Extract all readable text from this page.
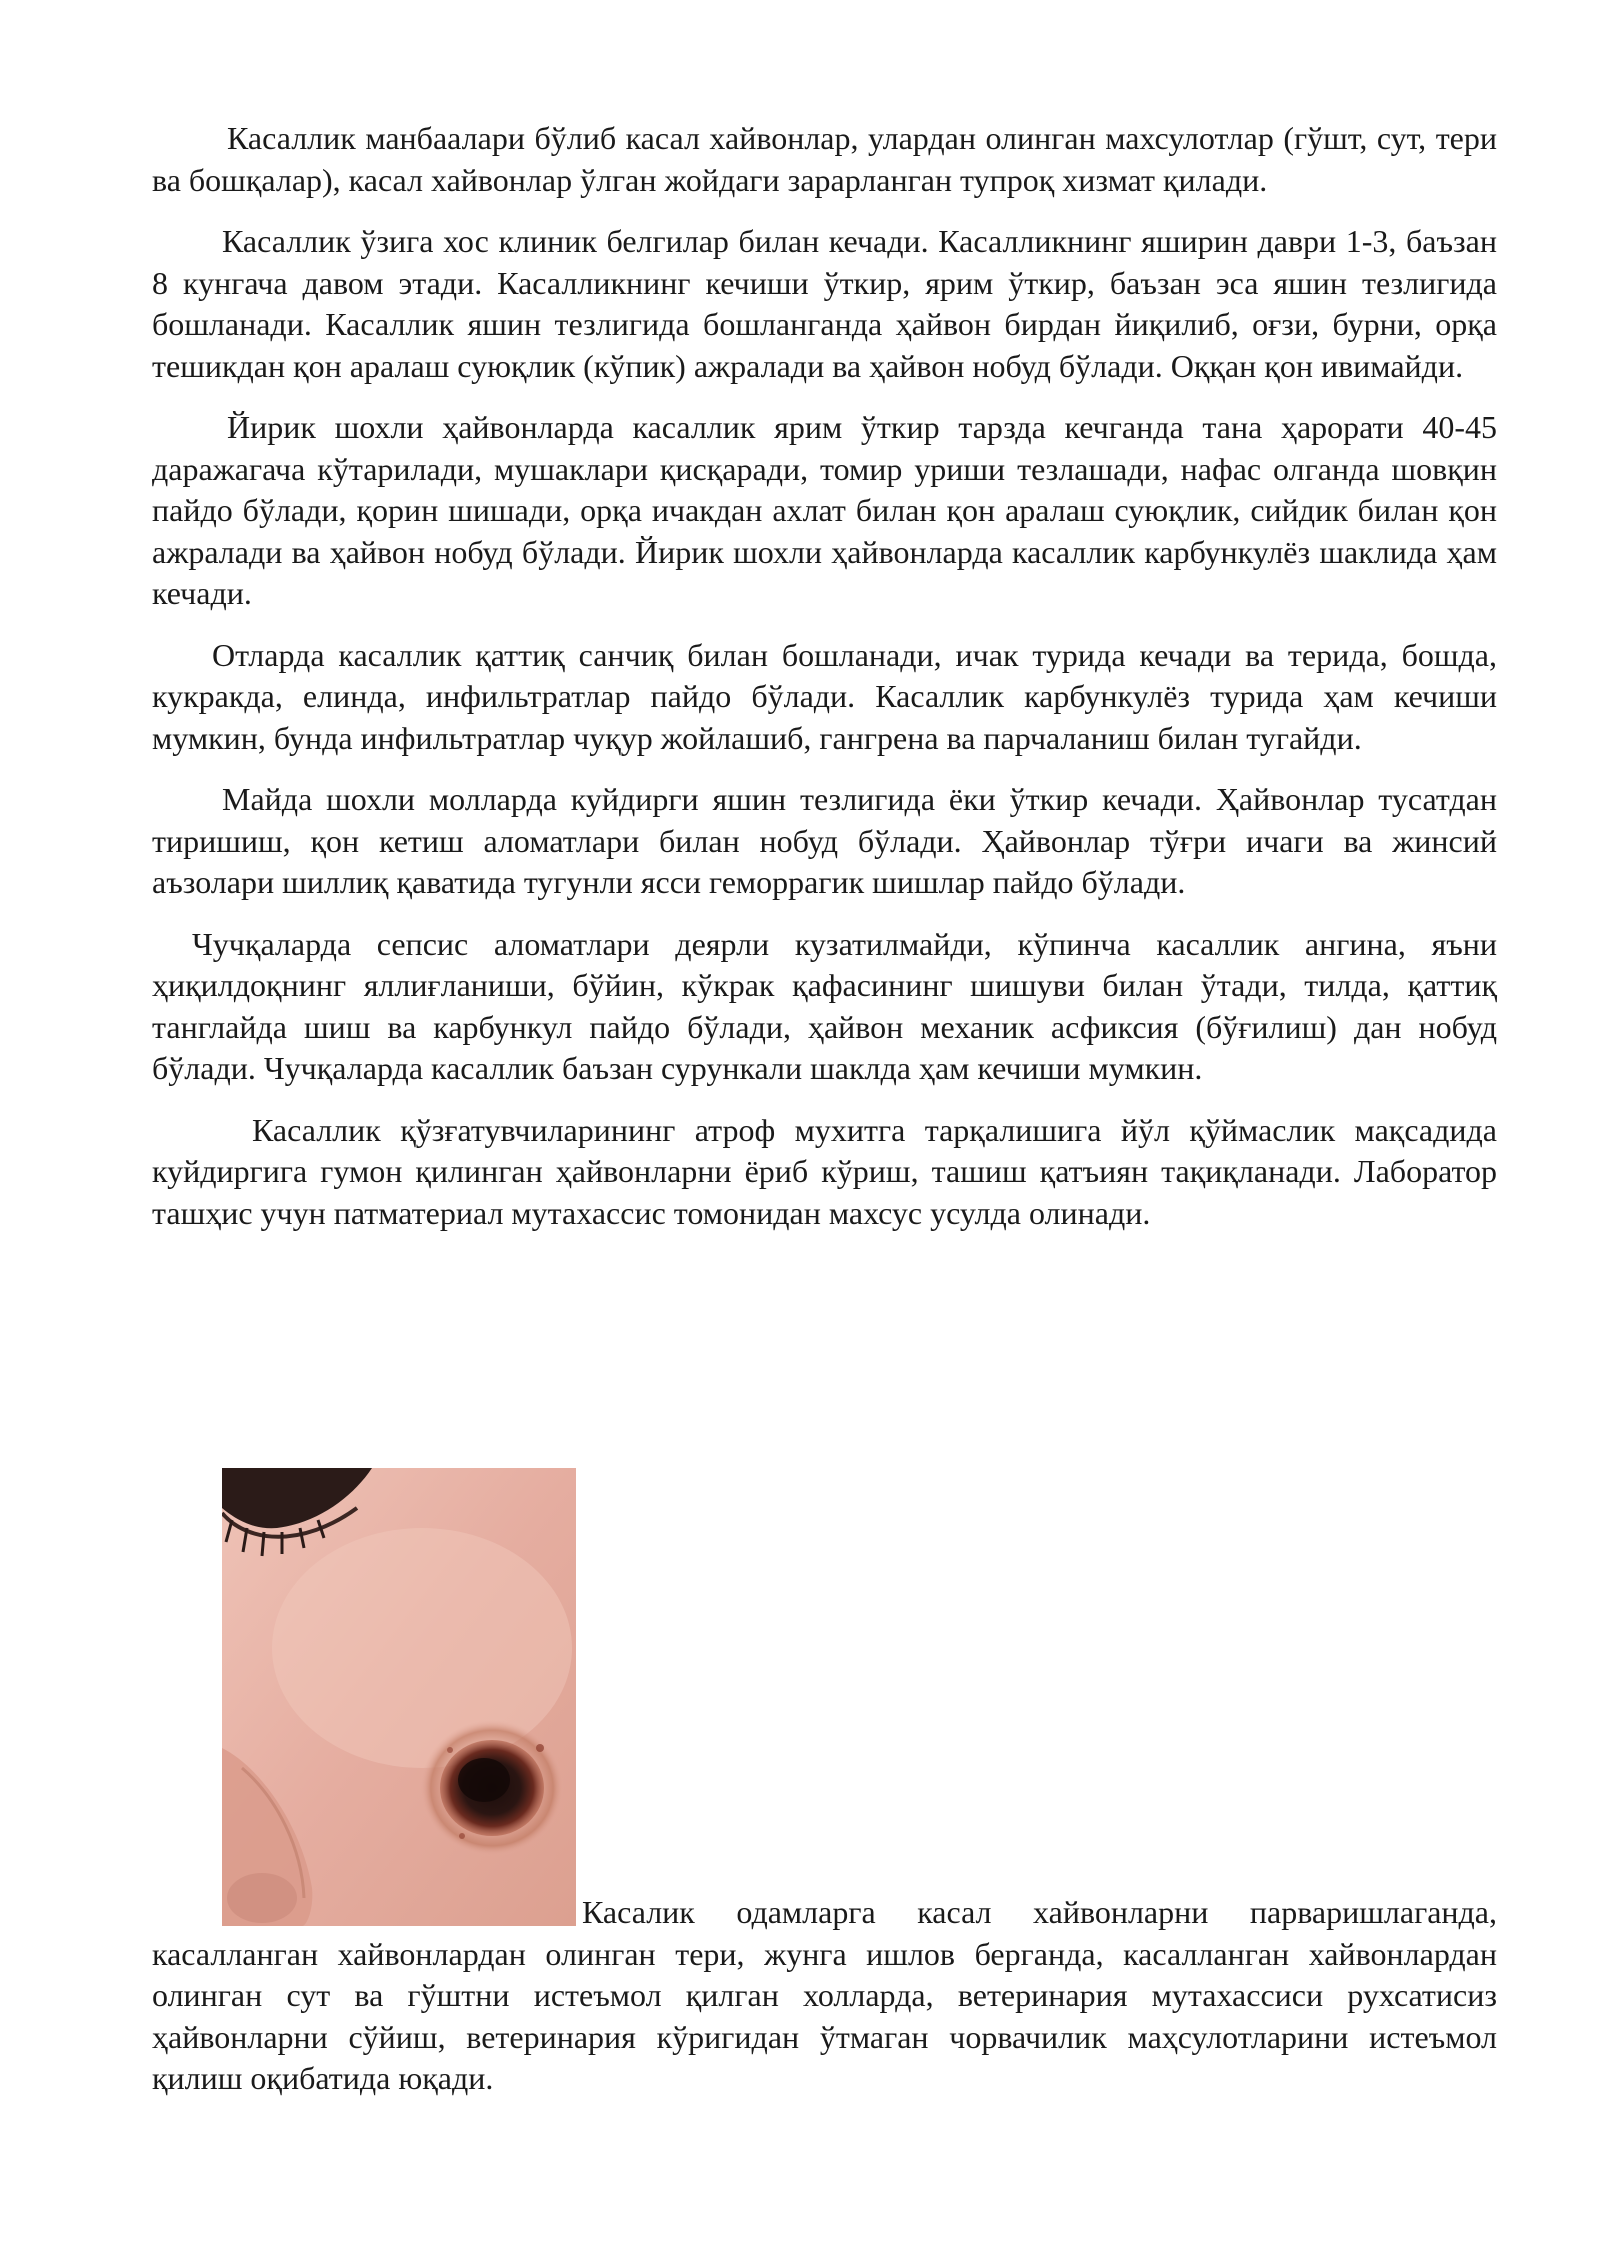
Касаллик манбаалари бўлиб касал хайвонлар, улардан олинган махсулотлар (гўшт, сут, тери ва бошқалар), касал хайвонлар ўлган жойдаги зарарланган тупроқ хизмат қилади.

Касаллик ўзига хос клиник белгилар билан кечади. Касалликнинг яширин даври 1-3, баъзан 8 кунгача давом этади. Касалликнинг кечиши ўткир, ярим ўткир, баъзан эса яшин тезлигида бошланади. Касаллик яшин тезлигида бошланганда ҳайвон бирдан йиқилиб, оғзи, бурни, орқа тешикдан қон аралаш суюқлик (кўпик) ажралади ва ҳайвон нобуд бўлади. Оққан қон ивимайди.

Йирик шохли ҳайвонларда касаллик ярим ўткир тарзда кечганда тана ҳарорати 40-45 даражагача кўтарилади, мушаклари қисқаради, томир уриши тезлашади, нафас олганда шовқин пайдо бўлади, қорин шишади, орқа ичакдан ахлат билан қон аралаш суюқлик, сийдик билан қон ажралади ва ҳайвон нобуд бўлади. Йирик шохли ҳайвонларда касаллик карбункулёз шаклида ҳам кечади.

Отларда касаллик қаттиқ санчиқ билан бошланади, ичак турида кечади ва терида, бошда, кукракда, елинда, инфильтратлар пайдо бўлади. Касаллик карбункулёз турида ҳам кечиши мумкин, бунда инфильтратлар чуқур жойлашиб, гангрена ва парчаланиш билан тугайди.

Майда шохли молларда куйдирги яшин тезлигида ёки ўткир кечади. Ҳайвонлар тусатдан тиришиш, қон кетиш аломатлари билан нобуд бўлади. Ҳайвонлар тўғри ичаги ва жинсий аъзолари шиллиқ қаватида тугунли ясси геморрагик шишлар пайдо бўлади.

Чучқаларда сепсис аломатлари деярли кузатилмайди, кўпинча касаллик ангина, яъни ҳиқилдоқнинг яллиғланиши, бўйин, кўкрак қафасининг шишуви билан ўтади, тилда, қаттиқ танглайда шиш ва карбункул пайдо бўлади, ҳайвон механик асфиксия (бўғилиш) дан нобуд бўлади. Чучқаларда касаллик баъзан сурункали шаклда ҳам кечиши мумкин.

Касаллик қўзғатувчиларининг атроф мухитга тарқалишига йўл қўймаслик мақсадида куйдиргига гумон қилинган ҳайвонларни ёриб кўриш, ташиш қатъиян тақиқланади. Лаборатор ташҳис учун патматериал мутахассис томонидан махсус усулда олинади.

Касалик одамларга касал хайвонларни парваришлаганда, касалланган хайвонлардан олинган тери, жунга ишлов берганда, касалланган хайвонлардан олинган сут ва гўштни истеъмол қилган холларда, ветеринария мутахассиси рухсатисиз ҳайвонларни сўйиш, ветеринария кўригидан ўтмаган чорвачилик маҳсулотларини истеъмол қилиш оқибатида юқади.
